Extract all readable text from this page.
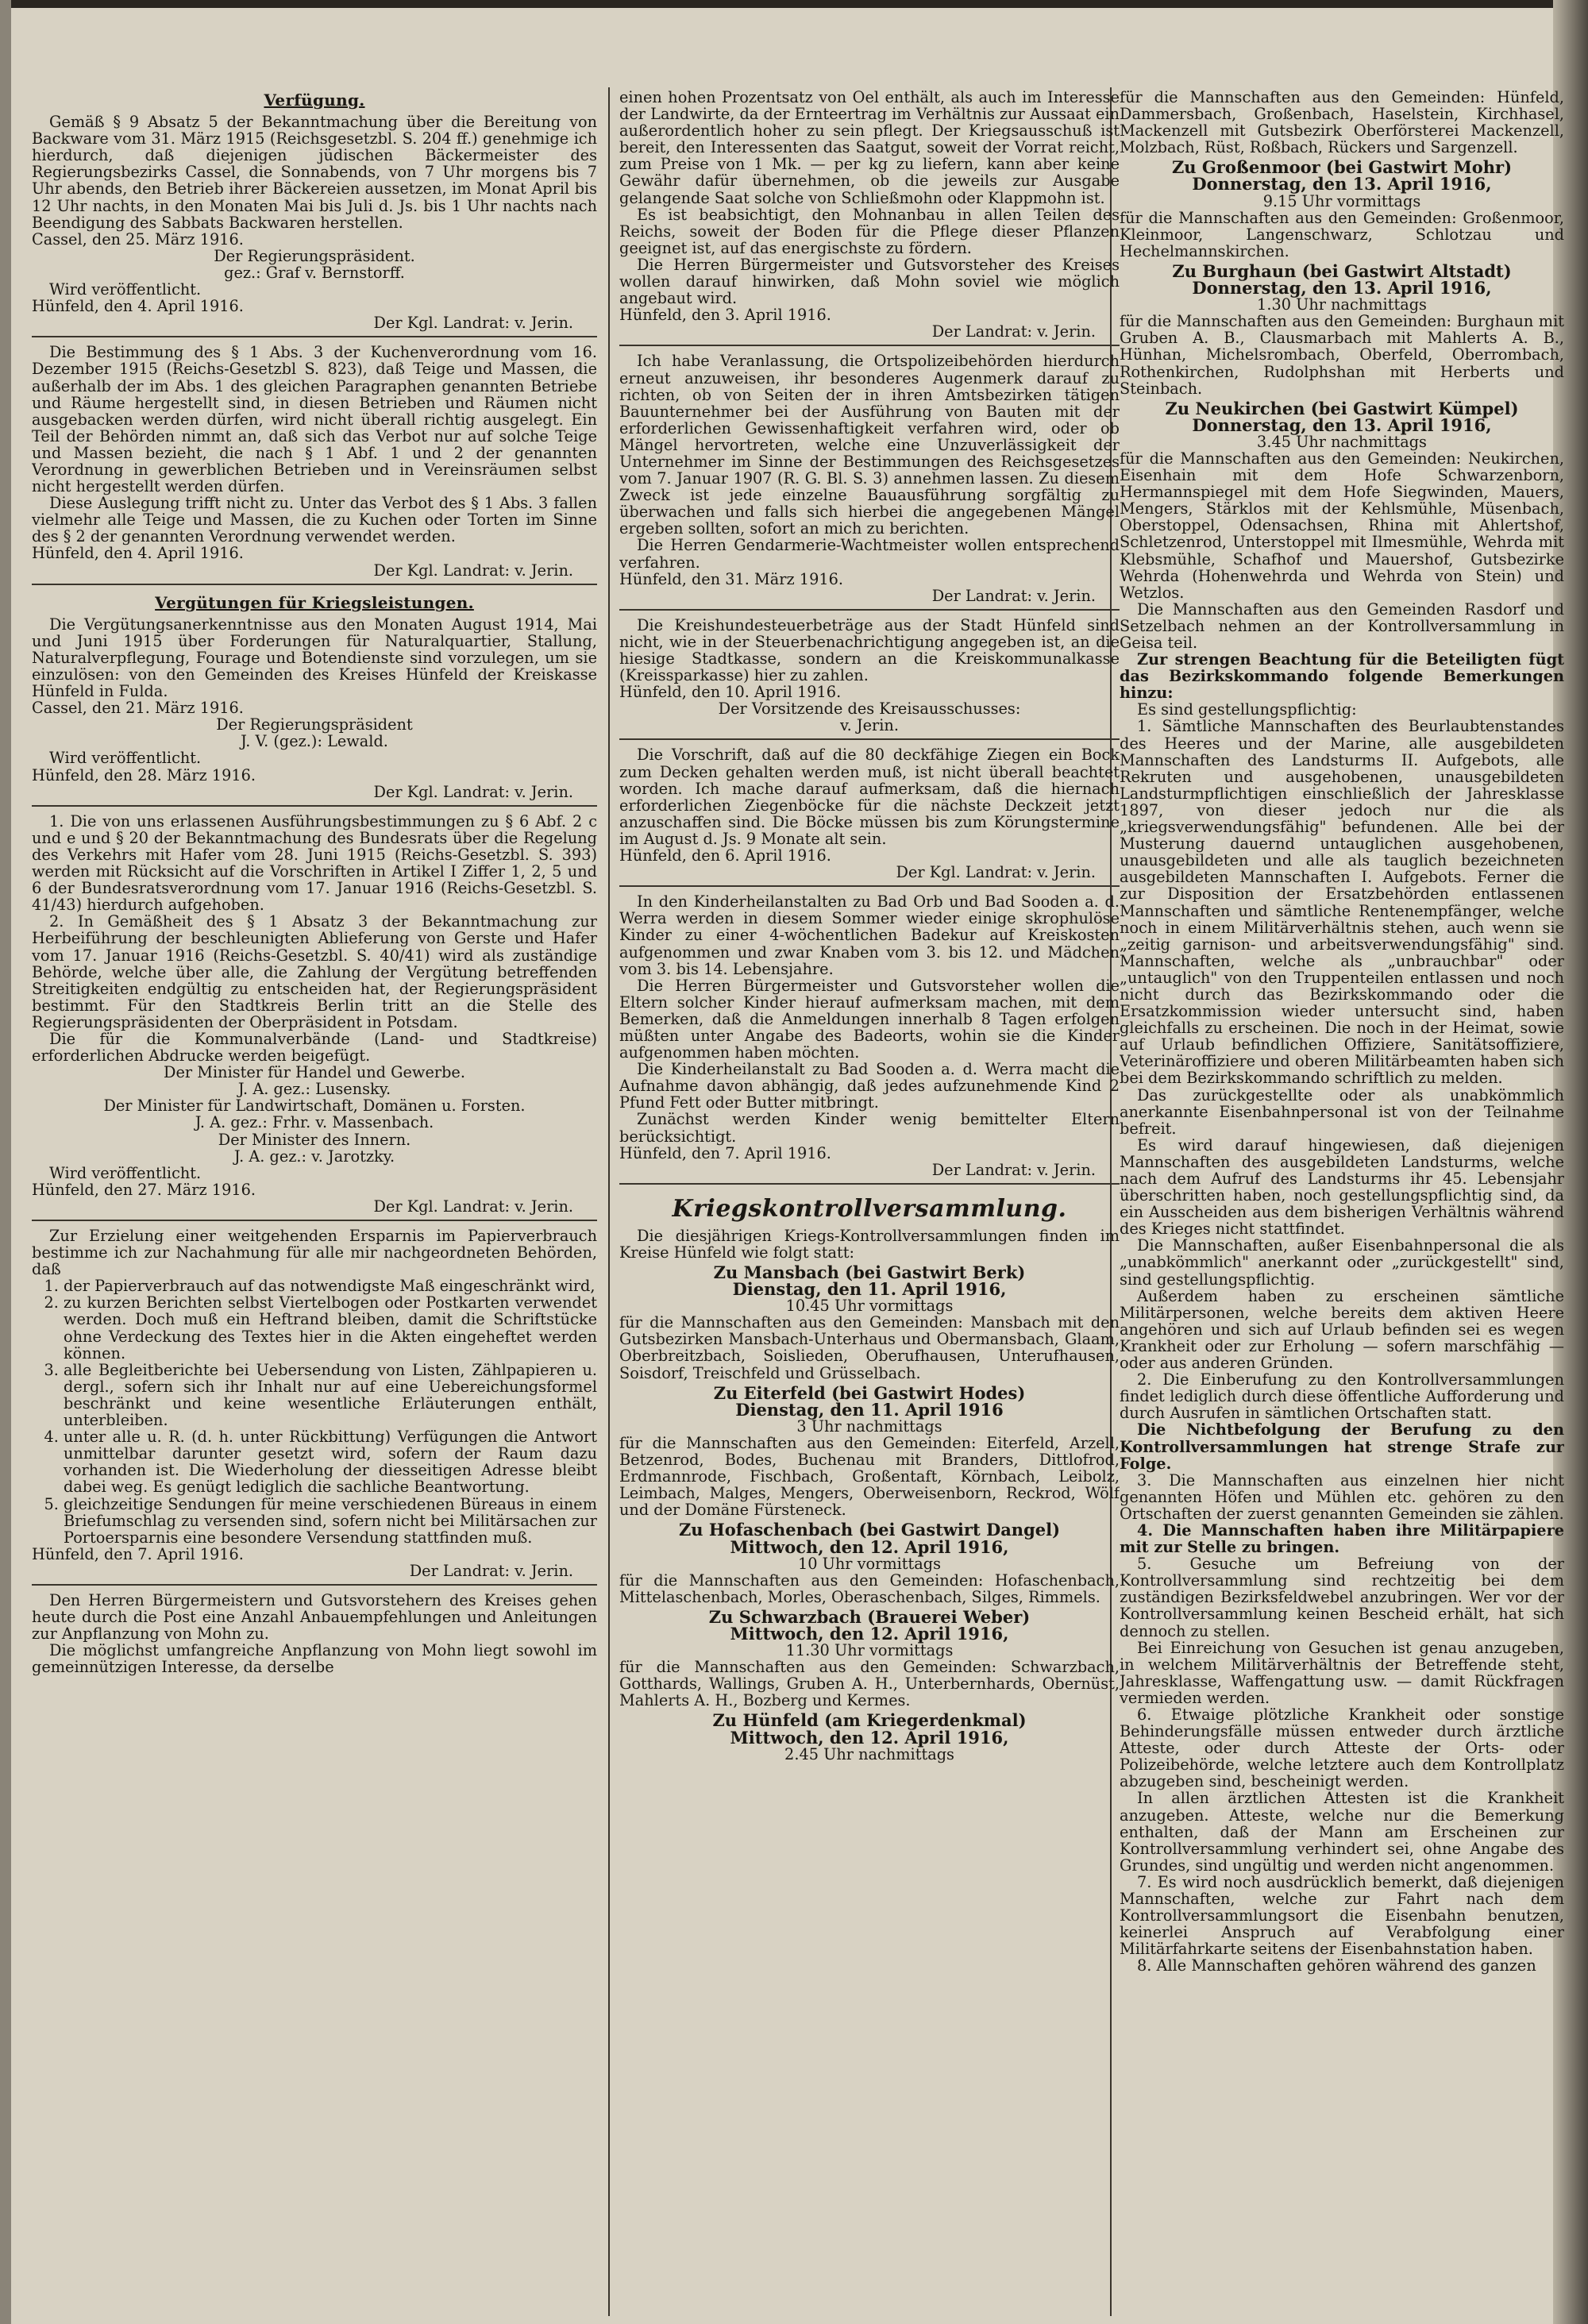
Verfügung.

Gemäß § 9 Absatz 5 der Bekanntmachung über die Bereitung von Backware vom 31. März 1915 (Reichsgesetzbl. S. 204 ff.) genehmige ich hierdurch, daß diejenigen jüdischen Bäckermeister des Regierungsbezirks Cassel, die Sonnabends, von 7 Uhr morgens bis 7 Uhr abends, den Betrieb ihrer Bäckereien aussetzen, im Monat April bis 12 Uhr nachts, in den Monaten Mai bis Juli d. Js. bis 1 Uhr nachts nach Beendigung des Sabbats Backwaren herstellen.

Cassel, den 25. März 1916.

Der Regierungspräsident.

gez.: Graf v. Bernstorff.

Wird veröffentlicht.

Hünfeld, den 4. April 1916.

Der Kgl. Landrat: v. Jerin.

Die Bestimmung des § 1 Abs. 3 der Kuchenverordnung vom 16. Dezember 1915 (Reichs-Gesetzbl S. 823), daß Teige und Massen, die außerhalb der im Abs. 1 des gleichen Paragraphen genannten Betriebe und Räume hergestellt sind, in diesen Betrieben und Räumen nicht ausgebacken werden dürfen, wird nicht überall richtig ausgelegt. Ein Teil der Behörden nimmt an, daß sich das Verbot nur auf solche Teige und Massen bezieht, die nach § 1 Abf. 1 und 2 der genannten Verordnung in gewerblichen Betrieben und in Vereinsräumen selbst nicht hergestellt werden dürfen.

Diese Auslegung trifft nicht zu. Unter das Verbot des § 1 Abs. 3 fallen vielmehr alle Teige und Massen, die zu Kuchen oder Torten im Sinne des § 2 der genannten Verordnung verwendet werden.

Hünfeld, den 4. April 1916.

Der Kgl. Landrat: v. Jerin.

Vergütungen für Kriegsleistungen.

Die Vergütungsanerkenntnisse aus den Monaten August 1914, Mai und Juni 1915 über Forderungen für Naturalquartier, Stallung, Naturalverpflegung, Fourage und Botendienste sind vorzulegen, um sie einzulösen: von den Gemeinden des Kreises Hünfeld der Kreiskasse Hünfeld in Fulda.

Cassel, den 21. März 1916.

Der Regierungspräsident

J. V. (gez.): Lewald.

Wird veröffentlicht.

Hünfeld, den 28. März 1916.

Der Kgl. Landrat: v. Jerin.

1. Die von uns erlassenen Ausführungsbestimmungen zu § 6 Abf. 2 c und e und § 20 der Bekanntmachung des Bundesrats über die Regelung des Verkehrs mit Hafer vom 28. Juni 1915 (Reichs-Gesetzbl. S. 393) werden mit Rücksicht auf die Vorschriften in Artikel I Ziffer 1, 2, 5 und 6 der Bundesratsverordnung vom 17. Januar 1916 (Reichs-Gesetzbl. S. 41/43) hierdurch aufgehoben.

2. In Gemäßheit des § 1 Absatz 3 der Bekanntmachung zur Herbeiführung der beschleunigten Ablieferung von Gerste und Hafer vom 17. Januar 1916 (Reichs-Gesetzbl. S. 40/41) wird als zuständige Behörde, welche über alle, die Zahlung der Vergütung betreffenden Streitigkeiten endgültig zu entscheiden hat, der Regierungspräsident bestimmt. Für den Stadtkreis Berlin tritt an die Stelle des Regierungspräsidenten der Oberpräsident in Potsdam.

Die für die Kommunalverbände (Land- und Stadtkreise) erforderlichen Abdrucke werden beigefügt.

Der Minister für Handel und Gewerbe.

J. A. gez.: Lusensky.

Der Minister für Landwirtschaft, Domänen u. Forsten.

J. A. gez.: Frhr. v. Massenbach.

Der Minister des Innern.

J. A. gez.: v. Jarotzky.

Wird veröffentlicht.

Hünfeld, den 27. März 1916.

Der Kgl. Landrat: v. Jerin.

Zur Erzielung einer weitgehenden Ersparnis im Papierverbrauch bestimme ich zur Nachahmung für alle mir nachgeordneten Behörden, daß

1. der Papierverbrauch auf das notwendigste Maß eingeschränkt wird,
2. zu kurzen Berichten selbst Viertelbogen oder Postkarten verwendet werden. Doch muß ein Heftrand bleiben, damit die Schriftstücke ohne Verdeckung des Textes hier in die Akten eingeheftet werden können.
3. alle Begleitberichte bei Uebersendung von Listen, Zählpapieren u. dergl., sofern sich ihr Inhalt nur auf eine Uebereichungsformel beschränkt und keine wesentliche Erläuterungen enthält, unterbleiben.
4. unter alle u. R. (d. h. unter Rückbittung) Verfügungen die Antwort unmittelbar darunter gesetzt wird, sofern der Raum dazu vorhanden ist. Die Wiederholung der diesseitigen Adresse bleibt dabei weg. Es genügt lediglich die sachliche Beantwortung.
5. gleichzeitige Sendungen für meine verschiedenen Büreaus in einem Briefumschlag zu versenden sind, sofern nicht bei Militärsachen zur Portoersparnis eine besondere Versendung stattfinden muß.

Hünfeld, den 7. April 1916.

Der Landrat: v. Jerin.

Den Herren Bürgermeistern und Gutsvorstehern des Kreises gehen heute durch die Post eine Anzahl Anbauempfehlungen und Anleitungen zur Anpflanzung von Mohn zu.

Die möglichst umfangreiche Anpflanzung von Mohn liegt sowohl im gemeinnützigen Interesse, da derselbe

einen hohen Prozentsatz von Oel enthält, als auch im Interesse der Landwirte, da der Ernteertrag im Verhältnis zur Aussaat ein außerordentlich hoher zu sein pflegt. Der Kriegsausschuß ist bereit, den Interessenten das Saatgut, soweit der Vorrat reicht, zum Preise von 1 Mk. — per kg zu liefern, kann aber keine Gewähr dafür übernehmen, ob die jeweils zur Ausgabe gelangende Saat solche von Schließmohn oder Klappmohn ist.

Es ist beabsichtigt, den Mohnanbau in allen Teilen des Reichs, soweit der Boden für die Pflege dieser Pflanzen geeignet ist, auf das energischste zu fördern.

Die Herren Bürgermeister und Gutsvorsteher des Kreises wollen darauf hinwirken, daß Mohn soviel wie möglich angebaut wird.

Hünfeld, den 3. April 1916.

Der Landrat: v. Jerin.

Ich habe Veranlassung, die Ortspolizeibehörden hierdurch erneut anzuweisen, ihr besonderes Augenmerk darauf zu richten, ob von Seiten der in ihren Amtsbezirken tätigen Bauunternehmer bei der Ausführung von Bauten mit der erforderlichen Gewissenhaftigkeit verfahren wird, oder ob Mängel hervortreten, welche eine Unzuverlässigkeit der Unternehmer im Sinne der Bestimmungen des Reichsgesetzes vom 7. Januar 1907 (R. G. Bl. S. 3) annehmen lassen. Zu diesem Zweck ist jede einzelne Bauausführung sorgfältig zu überwachen und falls sich hierbei die angegebenen Mängel ergeben sollten, sofort an mich zu berichten.

Die Herren Gendarmerie-Wachtmeister wollen entsprechend verfahren.

Hünfeld, den 31. März 1916.

Der Landrat: v. Jerin.

Die Kreishundesteuerbeträge aus der Stadt Hünfeld sind nicht, wie in der Steuerbenachrichtigung angegeben ist, an die hiesige Stadtkasse, sondern an die Kreiskommunalkasse (Kreissparkasse) hier zu zahlen.

Hünfeld, den 10. April 1916.

Der Vorsitzende des Kreisausschusses:

v. Jerin.

Die Vorschrift, daß auf die 80 deckfähige Ziegen ein Bock zum Decken gehalten werden muß, ist nicht überall beachtet worden. Ich mache darauf aufmerksam, daß die hiernach erforderlichen Ziegenböcke für die nächste Deckzeit jetzt anzuschaffen sind. Die Böcke müssen bis zum Körungstermine im August d. Js. 9 Monate alt sein.

Hünfeld, den 6. April 1916.

Der Kgl. Landrat: v. Jerin.

In den Kinderheilanstalten zu Bad Orb und Bad Sooden a. d. Werra werden in diesem Sommer wieder einige skrophulöse Kinder zu einer 4-wöchentlichen Badekur auf Kreiskosten aufgenommen und zwar Knaben vom 3. bis 12. und Mädchen vom 3. bis 14. Lebensjahre.

Die Herren Bürgermeister und Gutsvorsteher wollen die Eltern solcher Kinder hierauf aufmerksam machen, mit dem Bemerken, daß die Anmeldungen innerhalb 8 Tagen erfolgen müßten unter Angabe des Badeorts, wohin sie die Kinder aufgenommen haben möchten.

Die Kinderheilanstalt zu Bad Sooden a. d. Werra macht die Aufnahme davon abhängig, daß jedes aufzunehmende Kind 2 Pfund Fett oder Butter mitbringt.

Zunächst werden Kinder wenig bemittelter Eltern berücksichtigt.

Hünfeld, den 7. April 1916.

Der Landrat: v. Jerin.

Kriegskontrollversammlung.

Die diesjährigen Kriegs-Kontrollversammlungen finden im Kreise Hünfeld wie folgt statt:

Zu Mansbach (bei Gastwirt Berk)
Dienstag, den 11. April 1916,
10.45 Uhr vormittags

für die Mannschaften aus den Gemeinden: Mansbach mit den Gutsbezirken Mansbach-Unterhaus und Obermansbach, Glaam, Oberbreitzbach, Soislieden, Oberufhausen, Unterufhausen, Soisdorf, Treischfeld und Grüsselbach.

Zu Eiterfeld (bei Gastwirt Hodes)
Dienstag, den 11. April 1916
3 Uhr nachmittags

für die Mannschaften aus den Gemeinden: Eiterfeld, Arzell, Betzenrod, Bodes, Buchenau mit Branders, Dittlofrod, Erdmannrode, Fischbach, Großentaft, Körnbach, Leibolz, Leimbach, Malges, Mengers, Oberweisenborn, Reckrod, Wölf und der Domäne Fürsteneck.

Zu Hofaschenbach (bei Gastwirt Dangel)
Mittwoch, den 12. April 1916,
10 Uhr vormittags

für die Mannschaften aus den Gemeinden: Hofaschenbach, Mittelaschenbach, Morles, Oberaschenbach, Silges, Rimmels.

Zu Schwarzbach (Brauerei Weber)
Mittwoch, den 12. April 1916,
11.30 Uhr vormittags

für die Mannschaften aus den Gemeinden: Schwarzbach, Gotthards, Wallings, Gruben A. H., Unterbernhards, Obernüst, Mahlerts A. H., Bozberg und Kermes.

Zu Hünfeld (am Kriegerdenkmal)
Mittwoch, den 12. April 1916,
2.45 Uhr nachmittags

für die Mannschaften aus den Gemeinden: Hünfeld, Dammersbach, Großenbach, Haselstein, Kirchhasel, Mackenzell mit Gutsbezirk Oberförsterei Mackenzell, Molzbach, Rüst, Roßbach, Rückers und Sargenzell.

Zu Großenmoor (bei Gastwirt Mohr)
Donnerstag, den 13. April 1916,
9.15 Uhr vormittags

für die Mannschaften aus den Gemeinden: Großenmoor, Kleinmoor, Langenschwarz, Schlotzau und Hechelmannskirchen.

Zu Burghaun (bei Gastwirt Altstadt)
Donnerstag, den 13. April 1916,
1.30 Uhr nachmittags

für die Mannschaften aus den Gemeinden: Burghaun mit Gruben A. B., Clausmarbach mit Mahlerts A. B., Hünhan, Michelsrombach, Oberfeld, Oberrombach, Rothenkirchen, Rudolphshan mit Herberts und Steinbach.

Zu Neukirchen (bei Gastwirt Kümpel)
Donnerstag, den 13. April 1916,
3.45 Uhr nachmittags

für die Mannschaften aus den Gemeinden: Neukirchen, Eisenhain mit dem Hofe Schwarzenborn, Hermannspiegel mit dem Hofe Siegwinden, Mauers, Mengers, Stärklos mit der Kehlsmühle, Müsenbach, Oberstoppel, Odensachsen, Rhina mit Ahlertshof, Schletzenrod, Unterstoppel mit Ilmesmühle, Wehrda mit Klebsmühle, Schafhof und Mauershof, Gutsbezirke Wehrda (Hohenwehrda und Wehrda von Stein) und Wetzlos.

Die Mannschaften aus den Gemeinden Rasdorf und Setzelbach nehmen an der Kontrollversammlung in Geisa teil.

Zur strengen Beachtung für die Beteiligten fügt das Bezirkskommando folgende Bemerkungen hinzu:

Es sind gestellungspflichtig:

1. Sämtliche Mannschaften des Beurlaubtenstandes des Heeres und der Marine, alle ausgebildeten Mannschaften des Landsturms II. Aufgebots, alle Rekruten und ausgehobenen, unausgebildeten Landsturmpflichtigen einschließlich der Jahresklasse 1897, von dieser jedoch nur die als „kriegsverwendungsfähig" befundenen. Alle bei der Musterung dauernd untauglichen ausgehobenen, unausgebildeten und alle als tauglich bezeichneten ausgebildeten Mannschaften I. Aufgebots. Ferner die zur Disposition der Ersatzbehörden entlassenen Mannschaften und sämtliche Rentenempfänger, welche noch in einem Militärverhältnis stehen, auch wenn sie „zeitig garnison- und arbeitsverwendungsfähig" sind. Mannschaften, welche als „unbrauchbar" oder „untauglich" von den Truppenteilen entlassen und noch nicht durch das Bezirkskommando oder die Ersatzkommission wieder untersucht sind, haben gleichfalls zu erscheinen. Die noch in der Heimat, sowie auf Urlaub befindlichen Offiziere, Sanitätsoffiziere, Veterinäroffiziere und oberen Militärbeamten haben sich bei dem Bezirkskommando schriftlich zu melden.

Das zurückgestellte oder als unabkömmlich anerkannte Eisenbahnpersonal ist von der Teilnahme befreit.

Es wird darauf hingewiesen, daß diejenigen Mannschaften des ausgebildeten Landsturms, welche nach dem Aufruf des Landsturms ihr 45. Lebensjahr überschritten haben, noch gestellungspflichtig sind, da ein Ausscheiden aus dem bisherigen Verhältnis während des Krieges nicht stattfindet.

Die Mannschaften, außer Eisenbahnpersonal die als „unabkömmlich" anerkannt oder „zurückgestellt" sind, sind gestellungspflichtig.

Außerdem haben zu erscheinen sämtliche Militärpersonen, welche bereits dem aktiven Heere angehören und sich auf Urlaub befinden sei es wegen Krankheit oder zur Erholung — sofern marschfähig — oder aus anderen Gründen.

2. Die Einberufung zu den Kontrollversammlungen findet lediglich durch diese öffentliche Aufforderung und durch Ausrufen in sämtlichen Ortschaften statt.

Die Nichtbefolgung der Berufung zu den Kontrollversammlungen hat strenge Strafe zur Folge.

3. Die Mannschaften aus einzelnen hier nicht genannten Höfen und Mühlen etc. gehören zu den Ortschaften der zuerst genannten Gemeinden sie zählen.

4. Die Mannschaften haben ihre Militärpapiere mit zur Stelle zu bringen.

5. Gesuche um Befreiung von der Kontrollversammlung sind rechtzeitig bei dem zuständigen Bezirksfeldwebel anzubringen. Wer vor der Kontrollversammlung keinen Bescheid erhält, hat sich dennoch zu stellen.

Bei Einreichung von Gesuchen ist genau anzugeben, in welchem Militärverhältnis der Betreffende steht, Jahresklasse, Waffengattung usw. — damit Rückfragen vermieden werden.

6. Etwaige plötzliche Krankheit oder sonstige Behinderungsfälle müssen entweder durch ärztliche Atteste, oder durch Atteste der Orts- oder Polizeibehörde, welche letztere auch dem Kontrollplatz abzugeben sind, bescheinigt werden.

In allen ärztlichen Attesten ist die Krankheit anzugeben. Atteste, welche nur die Bemerkung enthalten, daß der Mann am Erscheinen zur Kontrollversammlung verhindert sei, ohne Angabe des Grundes, sind ungültig und werden nicht angenommen.

7. Es wird noch ausdrücklich bemerkt, daß diejenigen Mannschaften, welche zur Fahrt nach dem Kontrollversammlungsort die Eisenbahn benutzen, keinerlei Anspruch auf Verabfolgung einer Militärfahrkarte seitens der Eisenbahnstation haben.

8. Alle Mannschaften gehören während des ganzen
